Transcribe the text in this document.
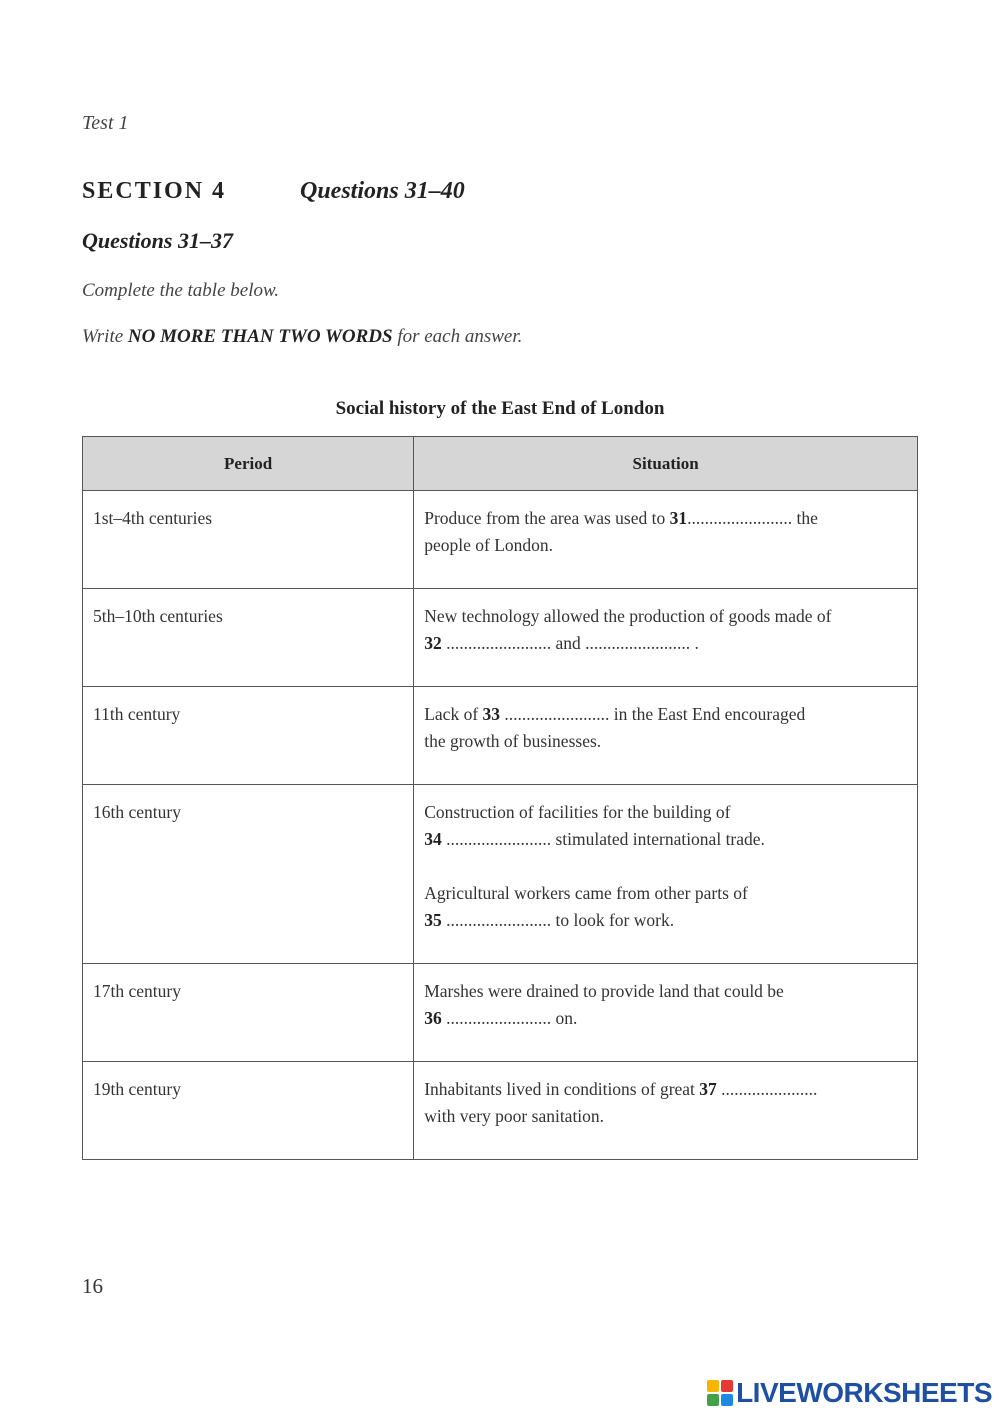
Test 1
SECTION 4	Questions 31–40
Questions 31–37
Complete the table below.
Write NO MORE THAN TWO WORDS for each answer.
Social history of the East End of London
Period	Situation
1st–4th centuries	Produce from the area was used to 31........................ the
people of London.

5th–10th centuries	New technology allowed the production of goods made of
32 ........................ and ........................ .

11th century	Lack of 33 ........................ in the East End encouraged
the growth of businesses.

16th century	Construction of facilities for the building of
34 ........................ stimulated international trade.
Agricultural workers came from other parts of
35 ........................ to look for work.

17th century	Marshes were drained to provide land that could be
36 ........................ on.

19th century	Inhabitants lived in conditions of great 37 ......................
with very poor sanitation.
16
LIVEWORKSHEETS
